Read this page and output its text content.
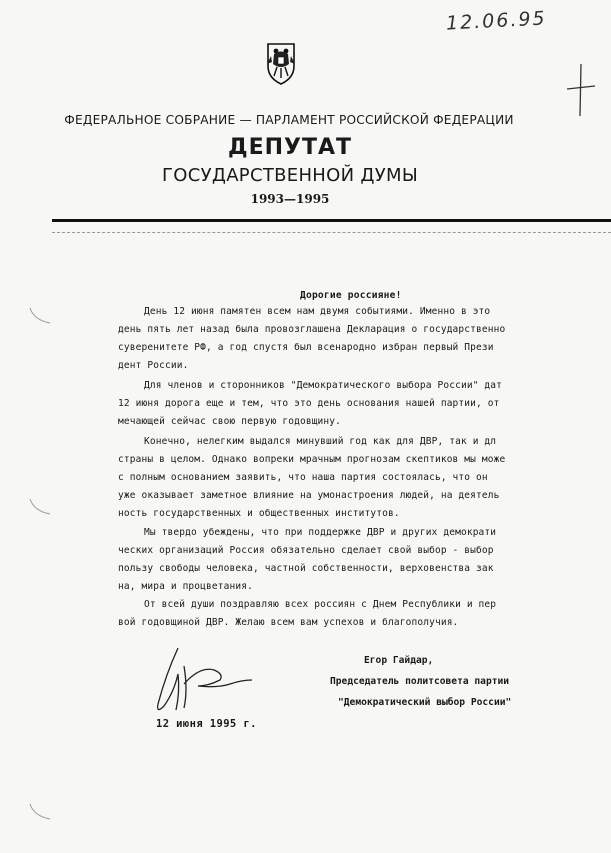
12.06.95
ФЕДЕРАЛЬНОЕ СОБРАНИЕ — ПАРЛАМЕНТ РОССИЙСКОЙ ФЕДЕРАЦИИ
ДЕПУТАТ
ГОСУДАРСТВЕННОЙ ДУМЫ
1993—1995
Дорогие россияне!
День 12 июня памятен всем нам двумя событиями. Именно в это
день пять лет назад была провозглашена Декларация о государственно
суверенитете РФ, а год спустя был всенародно избран первый Прези
дент России.
Для членов и сторонников "Демократического выбора России" дат
12 июня дорога еще и тем, что это день основания нашей партии, от
мечающей сейчас свою первую годовщину.
Конечно, нелегким выдался минувший год как для ДВР, так и дл
страны в целом. Однако вопреки мрачным прогнозам скептиков мы може
с полным основанием заявить, что наша партия состоялась, что он
уже оказывает заметное влияние на умонастроения людей, на деятель
ность государственных и общественных институтов.
Мы твердо убеждены, что при поддержке ДВР и других демократи
ческих организаций Россия обязательно сделает свой выбор - выбор
пользу свободы человека, частной собственности, верховенства зак
на, мира и процветания.
От всей души поздравляю всех россиян с Днем Республики и пер
вой годовщиной ДВР. Желаю всем вам успехов и благополучия.
Егор Гайдар,
Председатель политсовета партии
"Демократический выбор России"
12 июня 1995 г.
